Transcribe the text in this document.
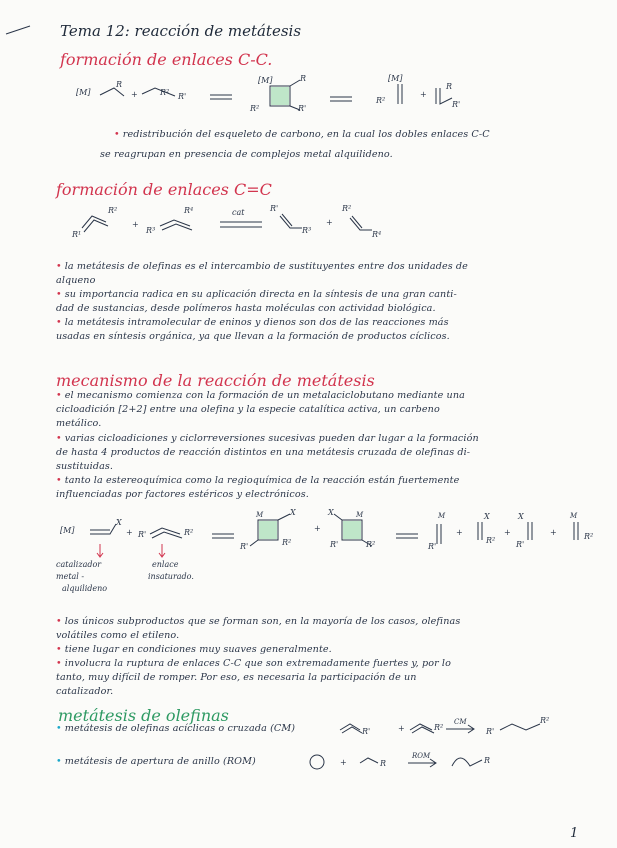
Tema 12: reacción de metátesis
formación de enlaces C-C.
[M]
R
+	R² R'
[M]	R
R²	R'
[M]
R²
+
R
R'
• redistribución del esqueleto de carbono, en la cual los dobles enlaces C-C
se reagrupan en presencia de complejos metal alquilideno.
formación de enlaces C=C
R¹
R²
+
R³
R⁴	cat	R'
R³
+
R²
R⁴
• la metátesis de olefinas es el intercambio de sustituyentes entre dos unidades de
alqueno
• su importancia radica en su aplicación directa en la síntesis de una gran canti-
dad de sustancias, desde polímeros hasta moléculas con actividad biológica.
• la metátesis intramolecular de eninos y dienos son dos de las reacciones más
usadas en síntesis orgánica, ya que llevan a la formación de productos cíclicos.
mecanismo de la reacción de metátesis
• el mecanismo comienza con la formación de un metalaciclobutano mediante una
cicloadición [2+2] entre una olefina y la especie catalítica activa, un carbeno
metálico.
• varias cicloadiciones y ciclorreversiones sucesivas pueden dar lugar a la formación
de hasta 4 productos de reacción distintos en una metátesis cruzada de olefinas di-
sustituidas.
• tanto la estereoquímica como la regioquímica de la reacción están fuertemente
influenciadas por factores estéricos y electrónicos.
[M]
X
+ R'	R²
M	X
R'	R²
+
X	M
R'	R²
M
R'
+
X
R²
+
X
R'
+
M
R²
catalizador
metal -
alquilideno
enlace
insaturado.
• los únicos subproductos que se forman son, en la mayoría de los casos, olefinas
volátiles como el etileno.
• tiene lugar en condiciones muy suaves generalmente.
• involucra la ruptura de enlaces C-C que son extremadamente fuertes y, por lo
tanto, muy difícil de romper. Por eso, es necesaria la participación de un
catalizador.
metátesis de olefinas
• metátesis de olefinas acíclicas o cruzada (CM)	R'	+	R²
CM
R'
R²
• metátesis de apertura de anillo (ROM)	+	R
ROM	R
1
